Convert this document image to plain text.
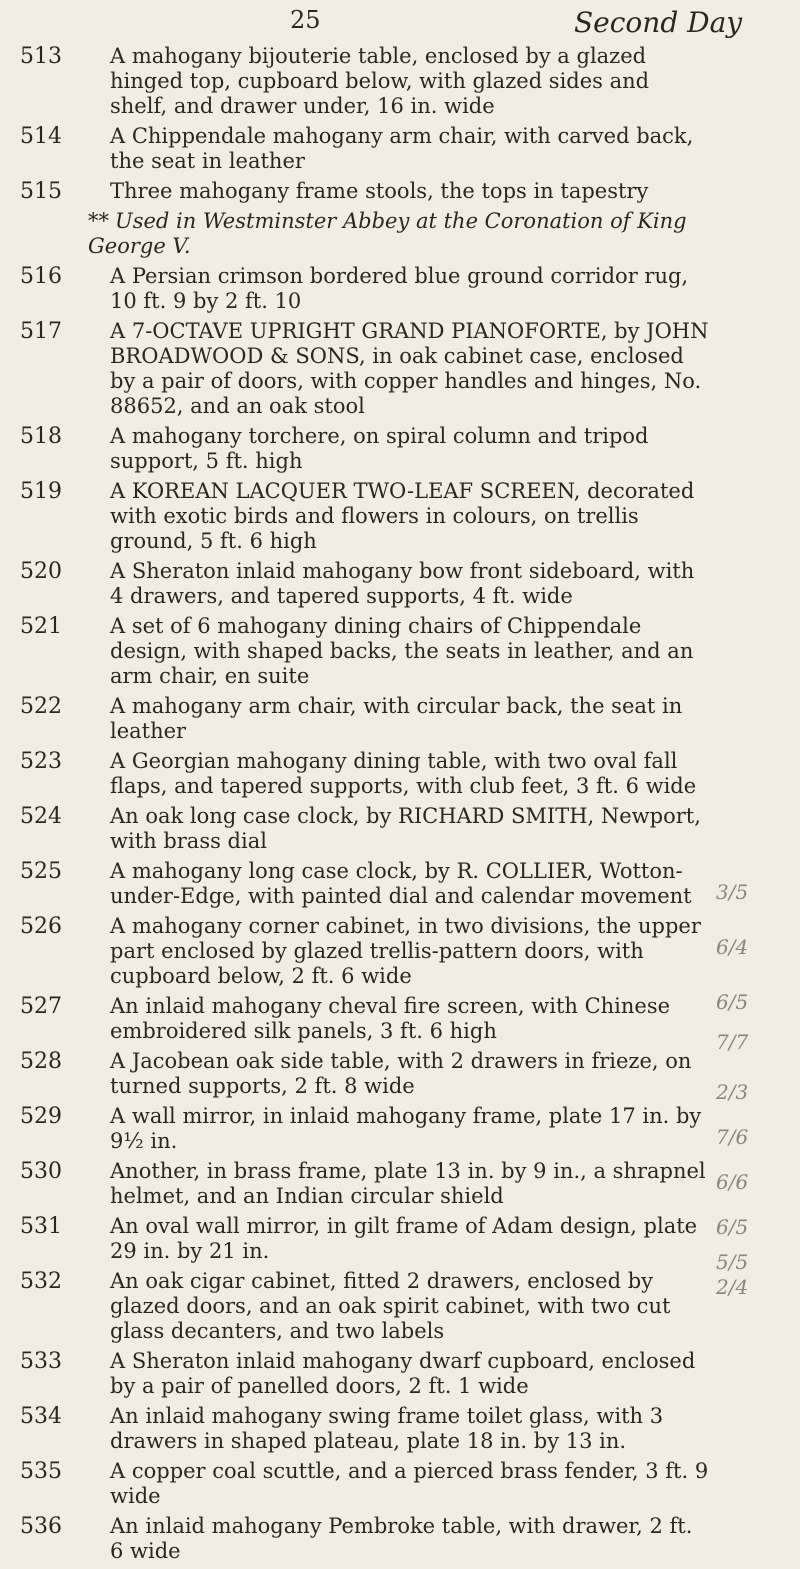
25	Second Day
513 A mahogany bijouterie table, enclosed by a glazed hinged top, cupboard below, with glazed sides and shelf, and drawer under, 16 in. wide
514 A Chippendale mahogany arm chair, with carved back, the seat in leather
515 Three mahogany frame stools, the tops in tapestry
** Used in Westminster Abbey at the Coronation of King George V.
516 A Persian crimson bordered blue ground corridor rug, 10 ft. 9 by 2 ft. 10
517 A 7-OCTAVE UPRIGHT GRAND PIANOFORTE, by JOHN BROADWOOD & SONS, in oak cabinet case, enclosed by a pair of doors, with copper handles and hinges, No. 88652, and an oak stool
518 A mahogany torchere, on spiral column and tripod support, 5 ft. high
519 A KOREAN LACQUER TWO-LEAF SCREEN, decorated with exotic birds and flowers in colours, on trellis ground, 5 ft. 6 high
520 A Sheraton inlaid mahogany bow front sideboard, with 4 drawers, and tapered supports, 4 ft. wide
521 A set of 6 mahogany dining chairs of Chippendale design, with shaped backs, the seats in leather, and an arm chair, en suite
522 A mahogany arm chair, with circular back, the seat in leather
523 A Georgian mahogany dining table, with two oval fall flaps, and tapered supports, with club feet, 3 ft. 6 wide
524 An oak long case clock, by RICHARD SMITH, Newport, with brass dial
525 A mahogany long case clock, by R. COLLIER, Wotton-under-Edge, with painted dial and calendar movement
526 A mahogany corner cabinet, in two divisions, the upper part enclosed by glazed trellis-pattern doors, with cupboard below, 2 ft. 6 wide
527 An inlaid mahogany cheval fire screen, with Chinese embroidered silk panels, 3 ft. 6 high
528 A Jacobean oak side table, with 2 drawers in frieze, on turned supports, 2 ft. 8 wide
529 A wall mirror, in inlaid mahogany frame, plate 17 in. by 9½ in.
530 Another, in brass frame, plate 13 in. by 9 in., a shrapnel helmet, and an Indian circular shield
531 An oval wall mirror, in gilt frame of Adam design, plate 29 in. by 21 in.
532 An oak cigar cabinet, fitted 2 drawers, enclosed by glazed doors, and an oak spirit cabinet, with two cut glass decanters, and two labels
533 A Sheraton inlaid mahogany dwarf cupboard, enclosed by a pair of panelled doors, 2 ft. 1 wide
534 An inlaid mahogany swing frame toilet glass, with 3 drawers in shaped plateau, plate 18 in. by 13 in.
535 A copper coal scuttle, and a pierced brass fender, 3 ft. 9 wide
536 An inlaid mahogany Pembroke table, with drawer, 2 ft. 6 wide
3/5
6/4
6/5
7/7
2/3
7/6
6/6
6/5
5/5
2/4
